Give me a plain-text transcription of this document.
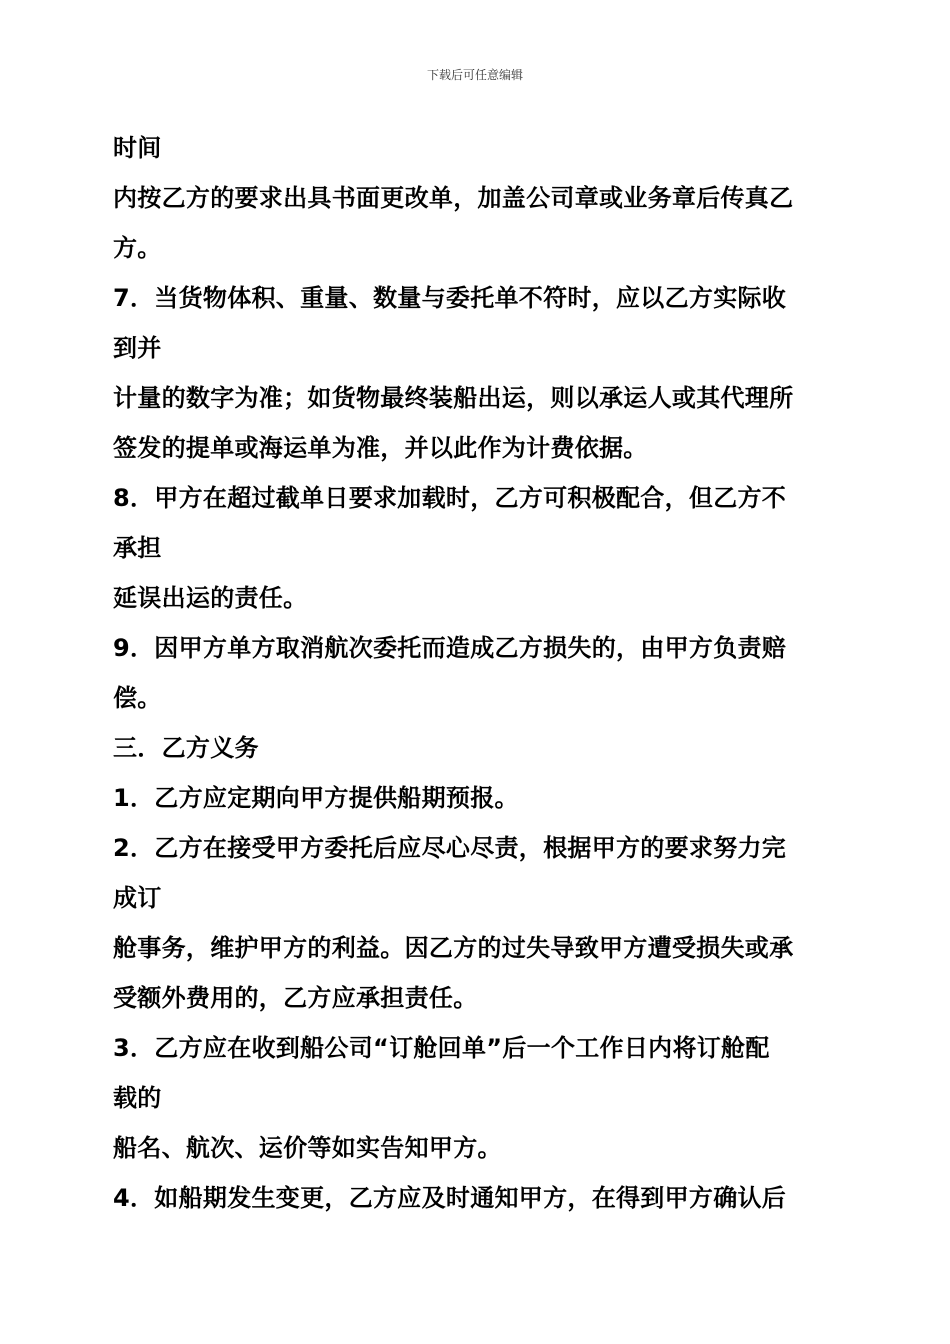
下载后可任意编辑
时间
内按乙方的要求出具书面更改单，加盖公司章或业务章后传真乙
方。
7．当货物体积、重量、数量与委托单不符时，应以乙方实际收
到并
计量的数字为准；如货物最终装船出运，则以承运人或其代理所
签发的提单或海运单为准，并以此作为计费依据。
8．甲方在超过截单日要求加载时，乙方可积极配合，但乙方不
承担
延误出运的责任。
9．因甲方单方取消航次委托而造成乙方损失的，由甲方负责赔
偿。
三．乙方义务
1．乙方应定期向甲方提供船期预报。
2．乙方在接受甲方委托后应尽心尽责，根据甲方的要求努力完
成订
舱事务，维护甲方的利益。因乙方的过失导致甲方遭受损失或承
受额外费用的，乙方应承担责任。
3．乙方应在收到船公司“订舱回单”后一个工作日内将订舱配
载的
船名、航次、运价等如实告知甲方。
4．如船期发生变更，乙方应及时通知甲方，在得到甲方确认后
